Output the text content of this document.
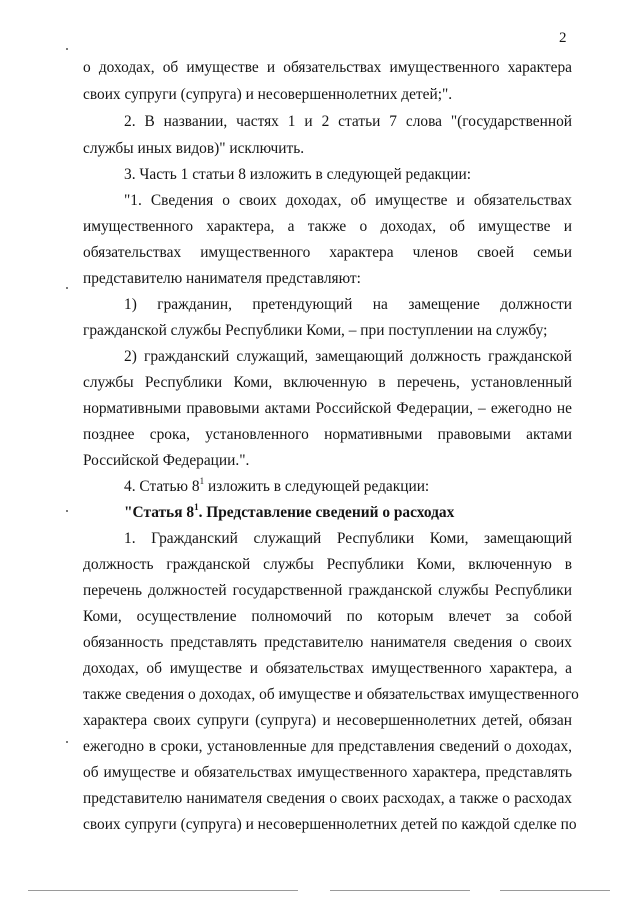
2
о доходах, об имуществе и обязательствах имущественного характера
своих супруги (супруга) и несовершеннолетних детей;".
2. В названии, частях 1 и 2 статьи 7 слова "(государственной
службы иных видов)" исключить.
3. Часть 1 статьи 8 изложить в следующей редакции:
"1. Сведения о своих доходах, об имуществе и обязательствах
имущественного характера, а также о доходах, об имуществе и
обязательствах имущественного характера членов своей семьи
представителю нанимателя представляют:
1) гражданин, претендующий на замещение должности
гражданской службы Республики Коми, – при поступлении на службу;
2) гражданский служащий, замещающий должность гражданской
службы Республики Коми, включенную в перечень, установленный
нормативными правовыми актами Российской Федерации, – ежегодно не
позднее срока, установленного нормативными правовыми актами
Российской Федерации.".
4. Статью $8^1$ изложить в следующей редакции:
"Статья $8^1$. Представление сведений о расходах
1. Гражданский служащий Республики Коми, замещающий
должность гражданской службы Республики Коми, включенную в
перечень должностей государственной гражданской службы Республики
Коми, осуществление полномочий по которым влечет за собой
обязанность представлять представителю нанимателя сведения о своих
доходах, об имуществе и обязательствах имущественного характера, а
также сведения о доходах, об имуществе и обязательствах имущественного
характера своих супруги (супруга) и несовершеннолетних детей, обязан
ежегодно в сроки, установленные для представления сведений о доходах,
об имуществе и обязательствах имущественного характера, представлять
представителю нанимателя сведения о своих расходах, а также о расходах
своих супруги (супруга) и несовершеннолетних детей по каждой сделке по
